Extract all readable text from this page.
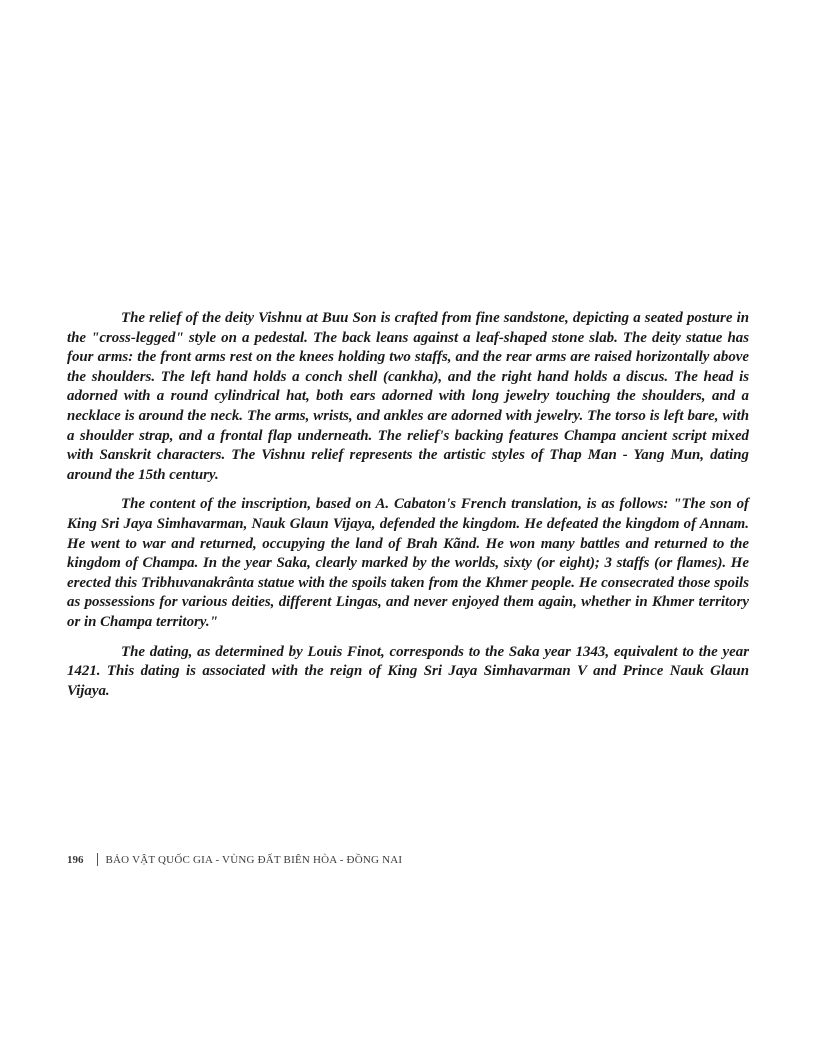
The relief of the deity Vishnu at Buu Son is crafted from fine sandstone, depicting a seated posture in the "cross-legged" style on a pedestal. The back leans against a leaf-shaped stone slab. The deity statue has four arms: the front arms rest on the knees holding two staffs, and the rear arms are raised horizontally above the shoulders. The left hand holds a conch shell (cankha), and the right hand holds a discus. The head is adorned with a round cylindrical hat, both ears adorned with long jewelry touching the shoulders, and a necklace is around the neck. The arms, wrists, and ankles are adorned with jewelry. The torso is left bare, with a shoulder strap, and a frontal flap underneath. The relief's backing features Champa ancient script mixed with Sanskrit characters. The Vishnu relief represents the artistic styles of Thap Man - Yang Mun, dating around the 15th century.

The content of the inscription, based on A. Cabaton's French translation, is as follows: "The son of King Sri Jaya Simhavarman, Nauk Glaun Vijaya, defended the kingdom. He defeated the kingdom of Annam. He went to war and returned, occupying the land of Brah Kãnd. He won many battles and returned to the kingdom of Champa. In the year Saka, clearly marked by the worlds, sixty (or eight); 3 staffs (or flames). He erected this Tribhuvanakrânta statue with the spoils taken from the Khmer people. He consecrated those spoils as possessions for various deities, different Lingas, and never enjoyed them again, whether in Khmer territory or in Champa territory."

The dating, as determined by Louis Finot, corresponds to the Saka year 1343, equivalent to the year 1421. This dating is associated with the reign of King Sri Jaya Simhavarman V and Prince Nauk Glaun Vijaya.

196 BẢO VẬT QUỐC GIA - VÙNG ĐẤT BIÊN HÒA - ĐỒNG NAI
